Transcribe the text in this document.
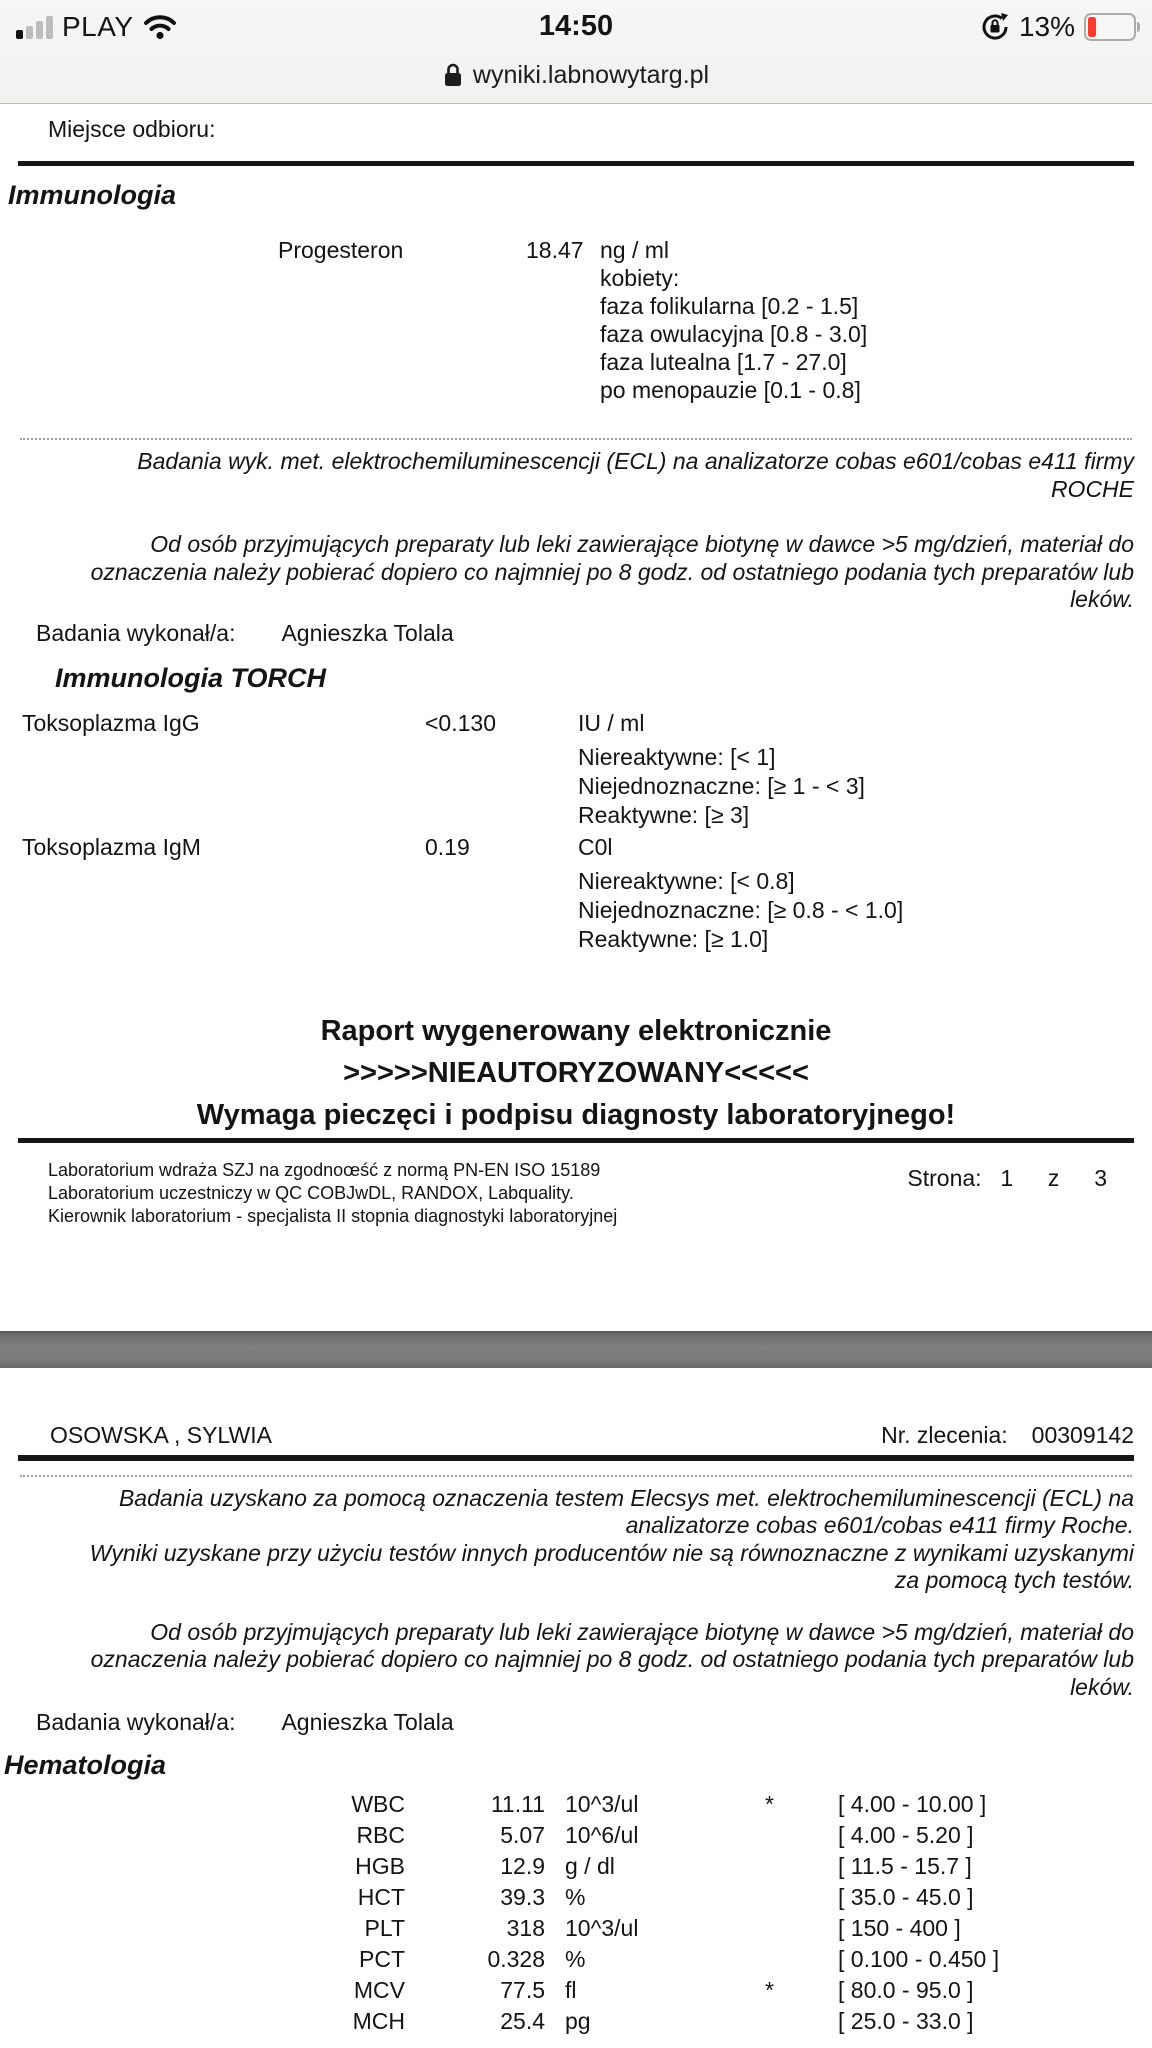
PLAY	14:50	13%
wyniki.labnowytarg.pl
Miejsce odbioru:
Immunologia
Progesteron	18.47 ng / ml
kobiety:
faza folikularna [0.2 - 1.5]
faza owulacyjna [0.8 - 3.0]
faza lutealna [1.7 - 27.0]
po menopauzie [0.1 - 0.8]

Badania wyk. met. elektrochemiluminescencji (ECL) na analizatorze cobas e601/cobas e411 firmy ROCHE

Od osób przyjmujących preparaty lub leki zawierające biotynę w dawce >5 mg/dzień, materiał do oznaczenia należy pobierać dopiero co najmniej po 8 godz. od ostatniego podania tych preparatów lub leków.

Badania wykonał/a: Agnieszka Tolala
Immunologia TORCH
Toksoplazma IgG	<0.130	IU / ml
Niereaktywne: [< 1]
Niejednoznaczne: [≥ 1 - < 3]
Reaktywne: [≥ 3]
Toksoplazma IgM	0.19	C0l
Niereaktywne: [< 0.8]
Niejednoznaczne: [≥ 0.8 - < 1.0]
Reaktywne: [≥ 1.0]
Raport wygenerowany elektronicznie
>>>>>NIEAUTORYZOWANY<<<<<
Wymaga pieczęci i podpisu diagnosty laboratoryjnego!
Laboratorium wdraża SZJ na zgodnoœść z normą PN-EN ISO 15189
Laboratorium uczestniczy w QC COBJwDL, RANDOX, Labquality.
Kierownik laboratorium - specjalista II stopnia diagnostyki laboratoryjnej
Strona: 1 z 3
OSOWSKA , SYLWIA	Nr. zlecenia: 00309142
Badania uzyskano za pomocą oznaczenia testem Elecsys met. elektrochemiluminescencji (ECL) na analizatorze cobas e601/cobas e411 firmy Roche.
Wyniki uzyskane przy użyciu testów innych producentów nie są równoznaczne z wynikami uzyskanymi za pomocą tych testów.

Od osób przyjmujących preparaty lub leki zawierające biotynę w dawce >5 mg/dzień, materiał do oznaczenia należy pobierać dopiero co najmniej po 8 godz. od ostatniego podania tych preparatów lub leków.

Badania wykonał/a: Agnieszka Tolala
Hematologia
WBC	11.11 10^3/ul	*	[ 4.00 - 10.00 ]
RBC	5.07 10^6/ul	[ 4.00 - 5.20 ]
HGB	12.9 g / dl	[ 11.5 - 15.7 ]
HCT	39.3 %	[ 35.0 - 45.0 ]
PLT	318 10^3/ul	[ 150 - 400 ]
PCT	0.328 %	[ 0.100 - 0.450 ]
MCV	77.5 fl	*	[ 80.0 - 95.0 ]
MCH	25.4 pg	[ 25.0 - 33.0 ]
